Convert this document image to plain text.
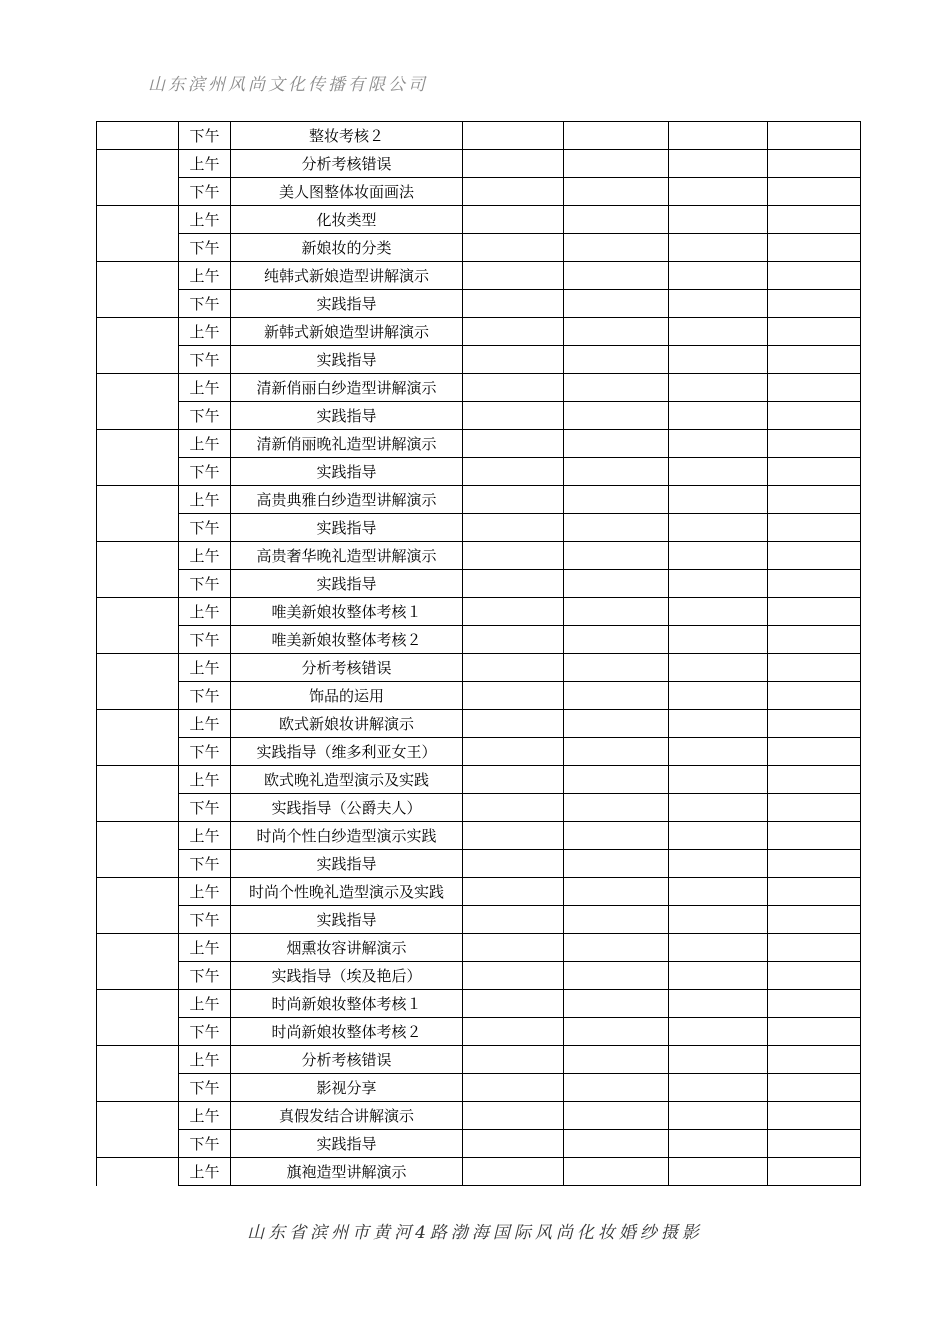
山东滨州风尚文化传播有限公司
	下午	整妆考核２				
	上午	分析考核错误				
	下午	美人图整体妆面画法				
	上午	化妆类型				
	下午	新娘妆的分类				
	上午	纯韩式新娘造型讲解演示				
	下午	实践指导				
	上午	新韩式新娘造型讲解演示				
	下午	实践指导				
	上午	清新俏丽白纱造型讲解演示				
	下午	实践指导				
	上午	清新俏丽晚礼造型讲解演示				
	下午	实践指导				
	上午	高贵典雅白纱造型讲解演示				
	下午	实践指导				
	上午	高贵奢华晚礼造型讲解演示				
	下午	实践指导				
	上午	唯美新娘妆整体考核１				
	下午	唯美新娘妆整体考核２				
	上午	分析考核错误				
	下午	饰品的运用				
	上午	欧式新娘妆讲解演示				
	下午	实践指导（维多利亚女王）				
	上午	欧式晚礼造型演示及实践				
	下午	实践指导（公爵夫人）				
	上午	时尚个性白纱造型演示实践				
	下午	实践指导				
	上午	时尚个性晚礼造型演示及实践				
	下午	实践指导				
	上午	烟熏妆容讲解演示				
	下午	实践指导（埃及艳后）				
	上午	时尚新娘妆整体考核１				
	下午	时尚新娘妆整体考核２				
	上午	分析考核错误				
	下午	影视分享				
	上午	真假发结合讲解演示				
	下午	实践指导				
	上午	旗袍造型讲解演示				
山东省滨州市黄河4路渤海国际风尚化妆婚纱摄影
